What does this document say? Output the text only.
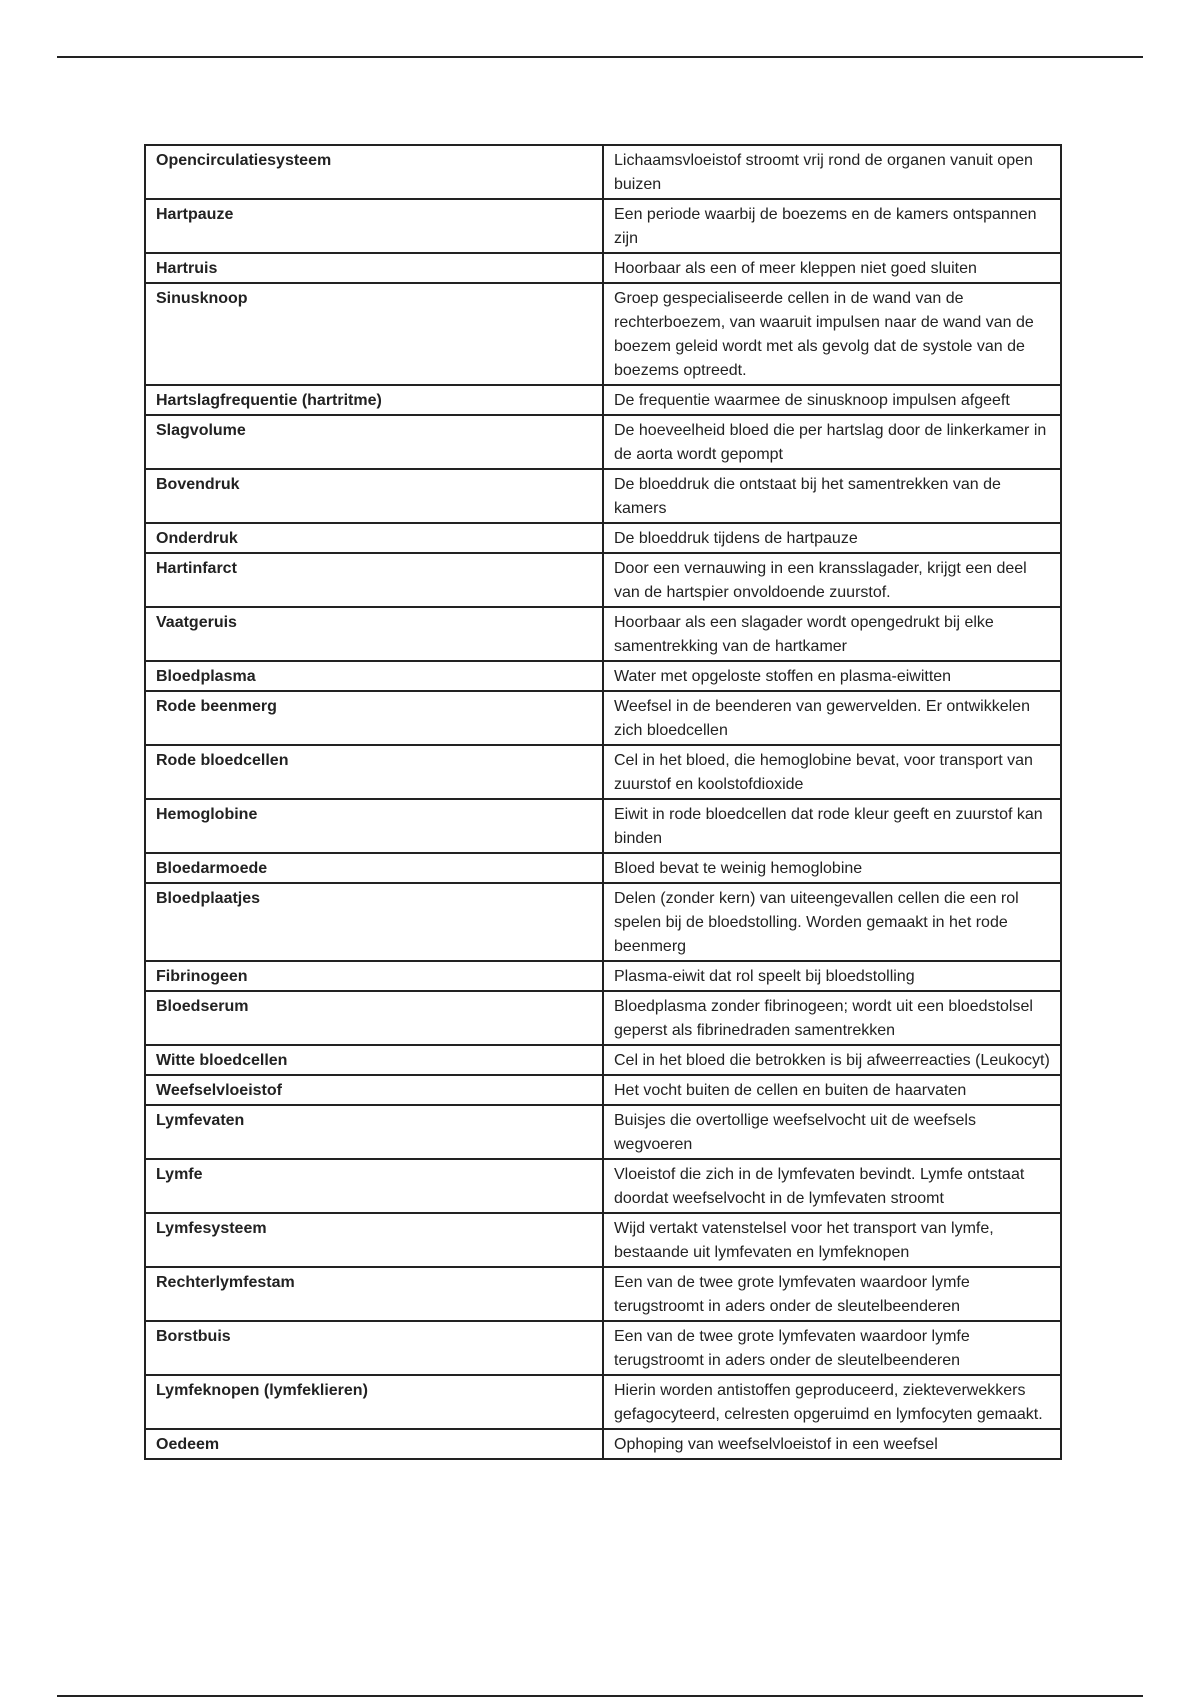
Opencirculatiesysteem	Lichaamsvloeistof stroomt vrij rond de organen vanuit open buizen
Hartpauze	Een periode waarbij de boezems en de kamers ontspannen zijn
Hartruis	Hoorbaar als een of meer kleppen niet goed sluiten
Sinusknoop	Groep gespecialiseerde cellen in de wand van de rechterboezem, van waaruit impulsen naar de wand van de boezem geleid wordt met als gevolg dat de systole van de boezems optreedt.
Hartslagfrequentie (hartritme)	De frequentie waarmee de sinusknoop impulsen afgeeft
Slagvolume	De hoeveelheid bloed die per hartslag door de linkerkamer in de aorta wordt gepompt
Bovendruk	De bloeddruk die ontstaat bij het samentrekken van de kamers
Onderdruk	De bloeddruk tijdens de hartpauze
Hartinfarct	Door een vernauwing in een kransslagader, krijgt een deel van de hartspier onvoldoende zuurstof.
Vaatgeruis	Hoorbaar als een slagader wordt opengedrukt bij elke samentrekking van de hartkamer
Bloedplasma	Water met opgeloste stoffen en plasma-eiwitten
Rode beenmerg	Weefsel in de beenderen van gewervelden. Er ontwikkelen zich bloedcellen
Rode bloedcellen	Cel in het bloed, die hemoglobine bevat, voor transport van zuurstof en koolstofdioxide
Hemoglobine	Eiwit in rode bloedcellen dat rode kleur geeft en zuurstof kan binden
Bloedarmoede	Bloed bevat te weinig hemoglobine
Bloedplaatjes	Delen (zonder kern) van uiteengevallen cellen die een rol spelen bij de bloedstolling. Worden gemaakt in het rode beenmerg
Fibrinogeen	Plasma-eiwit dat rol speelt bij bloedstolling
Bloedserum	Bloedplasma zonder fibrinogeen; wordt uit een bloedstolsel geperst als fibrinedraden samentrekken
Witte bloedcellen	Cel in het bloed die betrokken is bij afweerreacties (Leukocyt)
Weefselvloeistof	Het vocht buiten de cellen en buiten de haarvaten
Lymfevaten	Buisjes die overtollige weefselvocht uit de weefsels wegvoeren
Lymfe	Vloeistof die zich in de lymfevaten bevindt. Lymfe ontstaat doordat weefselvocht in de lymfevaten stroomt
Lymfesysteem	Wijd vertakt vatenstelsel voor het transport van lymfe, bestaande uit lymfevaten en lymfeknopen
Rechterlymfestam	Een van de twee grote lymfevaten waardoor lymfe terugstroomt in aders onder de sleutelbeenderen
Borstbuis	Een van de twee grote lymfevaten waardoor lymfe terugstroomt in aders onder de sleutelbeenderen
Lymfeknopen (lymfeklieren)	Hierin worden antistoffen geproduceerd, ziekteverwekkers gefagocyteerd, celresten opgeruimd en lymfocyten gemaakt.
Oedeem	Ophoping van weefselvloeistof in een weefsel
